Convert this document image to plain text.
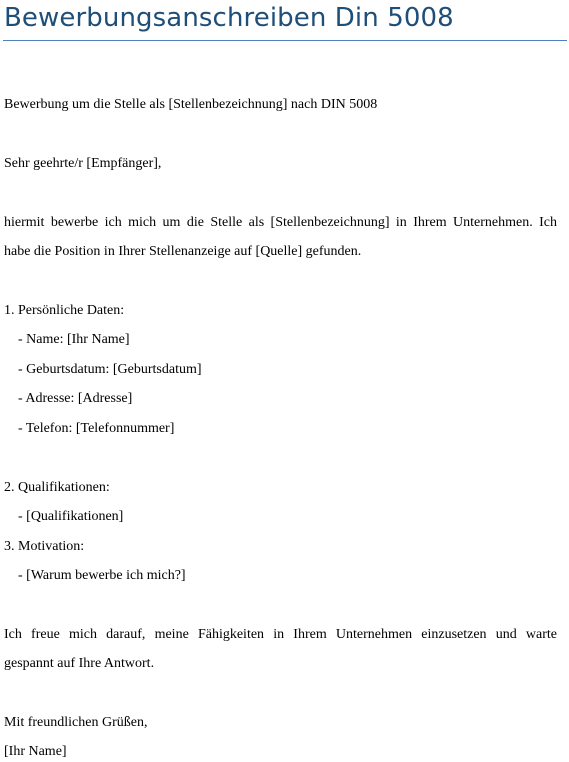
Bewerbungsanschreiben Din 5008
Bewerbung um die Stelle als [Stellenbezeichnung] nach DIN 5008
Sehr geehrte/r [Empfänger],
hiermit bewerbe ich mich um die Stelle als [Stellenbezeichnung] in Ihrem Unternehmen. Ich
habe die Position in Ihrer Stellenanzeige auf [Quelle] gefunden.
1. Persönliche Daten:
- Name: [Ihr Name]
- Geburtsdatum: [Geburtsdatum]
- Adresse: [Adresse]
- Telefon: [Telefonnummer]
2. Qualifikationen:
- [Qualifikationen]
3. Motivation:
- [Warum bewerbe ich mich?]
Ich freue mich darauf, meine Fähigkeiten in Ihrem Unternehmen einzusetzen und warte
gespannt auf Ihre Antwort.
Mit freundlichen Grüßen,
[Ihr Name]
